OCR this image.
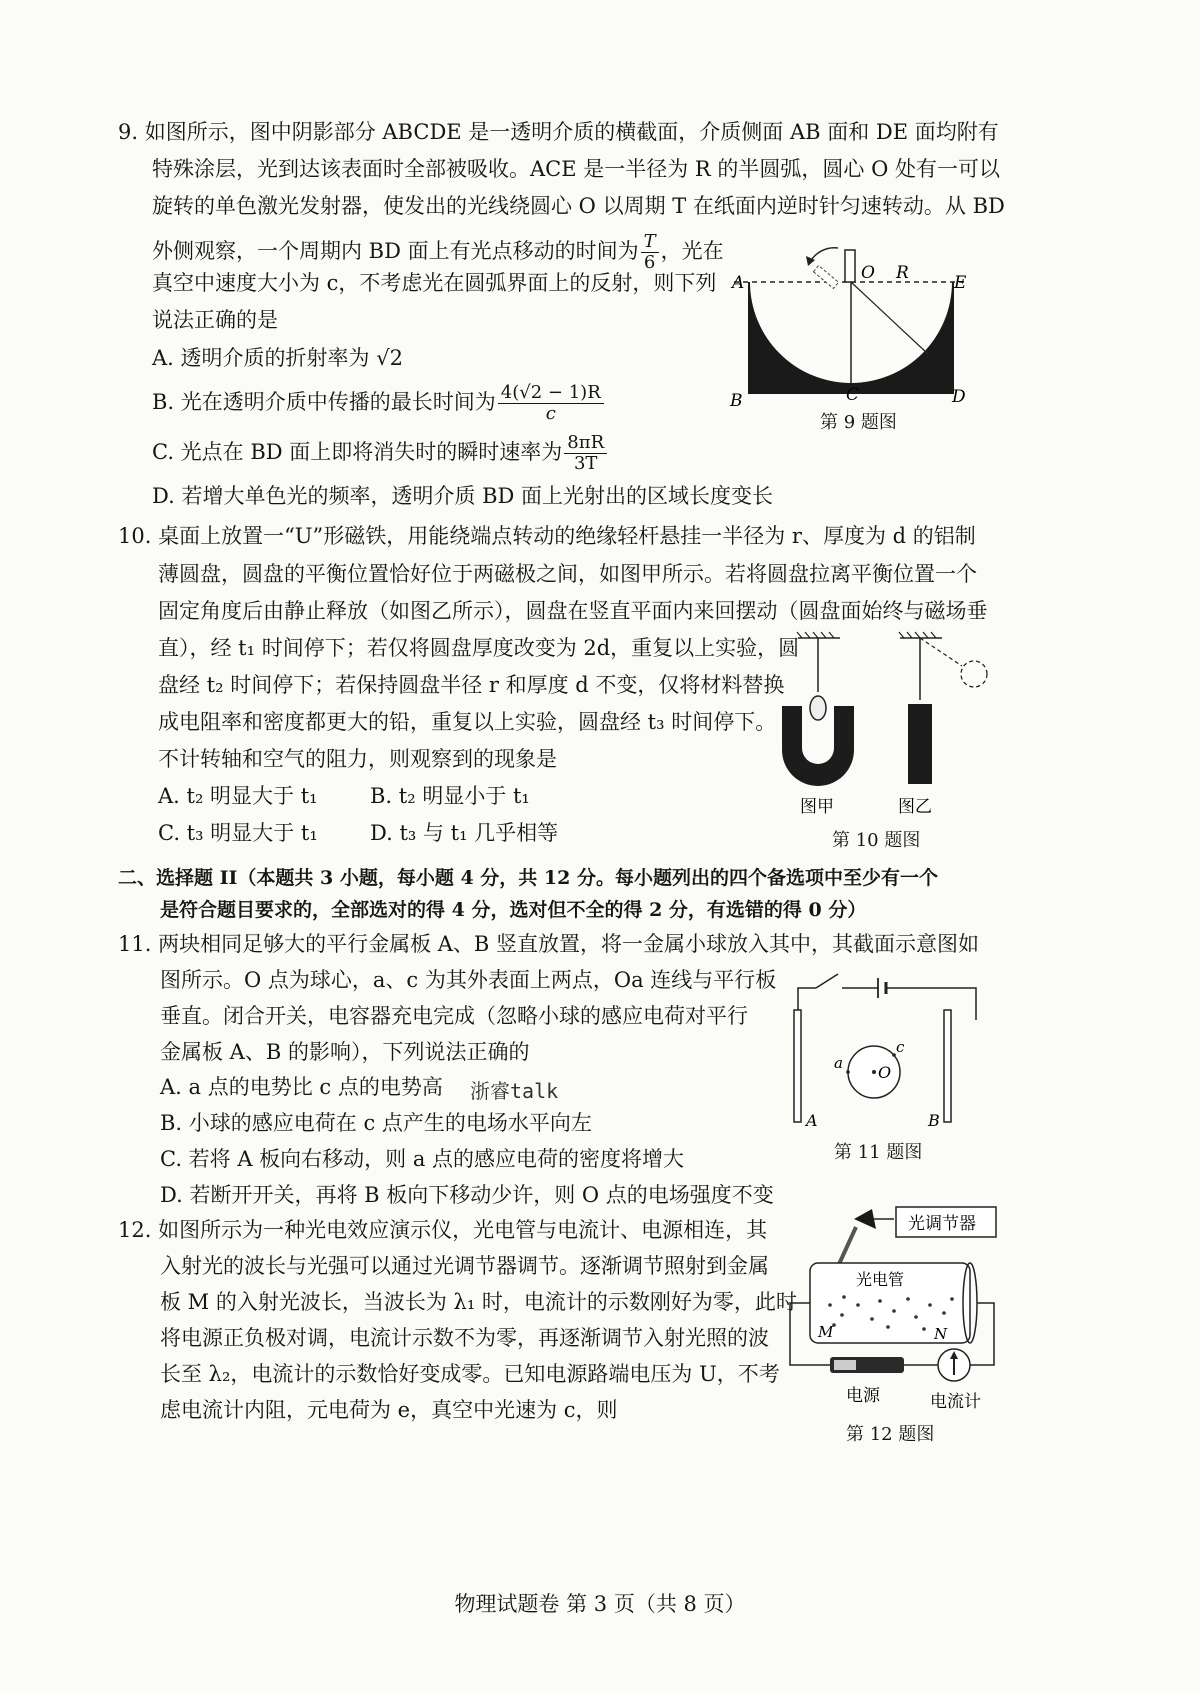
9. 如图所示，图中阴影部分 ABCDE 是一透明介质的横截面，介质侧面 AB 面和 DE 面均附有
特殊涂层，光到达该表面时全部被吸收。ACE 是一半径为 R 的半圆弧，圆心 O 处有一可以
旋转的单色激光发射器，使发出的光线绕圆心 O 以周期 T 在纸面内逆时针匀速转动。从 BD
外侧观察，一个周期内 BD 面上有光点移动的时间为 $\frac{T}{6}$ ，光在
真空中速度大小为 c，不考虑光在圆弧界面上的反射，则下列
说法正确的是
A. 透明介质的折射率为 √2
B. 光在透明介质中传播的最长时间为 $\frac{4(√2 - 1)R}{c}$
C. 光点在 BD 面上即将消失时的瞬时速率为 $\frac{8\pi R}{3T}$
D. 若增大单色光的频率，透明介质 BD 面上光射出的区域长度变长
O R
A	E
C
B	D
第 9 题图
10. 桌面上放置一“U”形磁铁，用能绕端点转动的绝缘轻杆悬挂一半径为 r、厚度为 d 的铝制
薄圆盘，圆盘的平衡位置恰好位于两磁极之间，如图甲所示。若将圆盘拉离平衡位置一个
固定角度后由静止释放（如图乙所示），圆盘在竖直平面内来回摆动（圆盘面始终与磁场垂
直），经 t₁ 时间停下；若仅将圆盘厚度改变为 2d，重复以上实验，圆
盘经 t₂ 时间停下；若保持圆盘半径 r 和厚度 d 不变，仅将材料替换
成电阻率和密度都更大的铅，重复以上实验，圆盘经 t₃ 时间停下。
不计转轴和空气的阻力，则观察到的现象是
A. t₂ 明显大于 t₁ B. t₂ 明显小于 t₁
C. t₃ 明显大于 t₁ D. t₃ 与 t₁ 几乎相等
图甲	图乙
第 10 题图
二、选择题 II（本题共 3 小题，每小题 4 分，共 12 分。每小题列出的四个备选项中至少有一个
是符合题目要求的，全部选对的得 4 分，选对但不全的得 2 分，有选错的得 0 分）
11. 两块相同足够大的平行金属板 A、B 竖直放置，将一金属小球放入其中，其截面示意图如
图所示。O 点为球心，a、c 为其外表面上两点，Oa 连线与平行板
垂直。闭合开关，电容器充电完成（忽略小球的感应电荷对平行
金属板 A、B 的影响），下列说法正确的
A. a 点的电势比 c 点的电势高 浙睿talk
B. 小球的感应电荷在 c 点产生的电场水平向左
C. 若将 A 板向右移动，则 a 点的感应电荷的密度将增大
D. 若断开开关，再将 B 板向下移动少许，则 O 点的电场强度不变
O
a
c
A	B
第 11 题图
12. 如图所示为一种光电效应演示仪，光电管与电流计、电源相连，其
入射光的波长与光强可以通过光调节器调节。逐渐调节照射到金属
板 M 的入射光波长，当波长为 λ₁ 时，电流计的示数刚好为零，此时
将电源正负极对调，电流计示数不为零，再逐渐调节入射光照的波
长至 λ₂，电流计的示数恰好变成零。已知电源路端电压为 U，不考
虑电流计内阻，元电荷为 e，真空中光速为 c，则
光调节器
光电管
M	N
电源	电流计
第 12 题图
物理试题卷 第 3 页（共 8 页）
